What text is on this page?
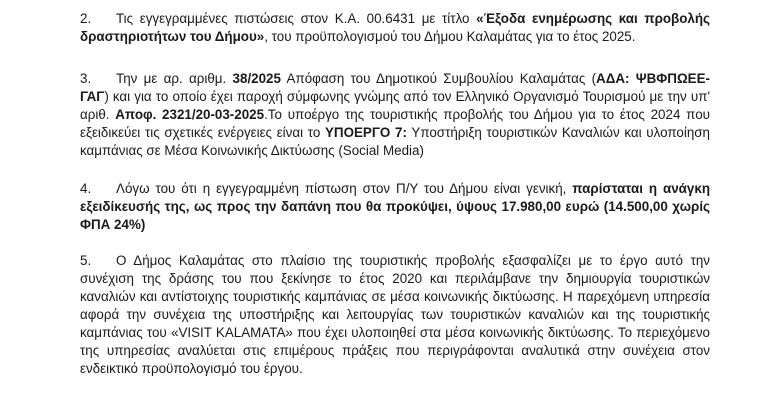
2. Τις εγγεγραμμένες πιστώσεις στον Κ.Α. 00.6431 με τίτλο «Έξοδα ενημέρωσης και προβολής δραστηριοτήτων του Δήμου», του προϋπολογισμού του Δήμου Καλαμάτας για το έτος 2025.
3. Την με αρ. αριθμ. 38/2025 Απόφαση του Δημοτικού Συμβουλίου Καλαμάτας (ΑΔΑ: ΨΒΦΠΩΕΕ-ΓΑΓ) και για το οποίο έχει παροχή σύμφωνης γνώμης από τον Ελληνικό Οργανισμό Τουρισμού με την υπ' αριθ. Αποφ. 2321/20-03-2025.Το υποέργο της τουριστικής προβολής του Δήμου για το έτος 2024 που εξειδικεύει τις σχετικές ενέργειες είναι το ΥΠΟΕΡΓΟ 7: Υποστήριξη τουριστικών Καναλιών και υλοποίηση καμπάνιας σε Μέσα Κοινωνικής Δικτύωσης (Social Media)
4. Λόγω του ότι η εγγεγραμμένη πίστωση στον Π/Υ του Δήμου είναι γενική, παρίσταται η ανάγκη εξειδίκευσής της, ως προς την δαπάνη που θα προκύψει, ύψους 17.980,00 ευρώ (14.500,00 χωρίς ΦΠΑ 24%)
5. Ο Δήμος Καλαμάτας στο πλαίσιο της τουριστικής προβολής εξασφαλίζει με το έργο αυτό την συνέχιση της δράσης του που ξεκίνησε το έτος 2020 και περιλάμβανε την δημιουργία τουριστικών καναλιών και αντίστοιχης τουριστικής καμπάνιας σε μέσα κοινωνικής δικτύωσης. Η παρεχόμενη υπηρεσία αφορά την συνέχεια της υποστήριξης και λειτουργίας των τουριστικών καναλιών και της τουριστικής καμπάνιας του «VISIT KALAMATA» που έχει υλοποιηθεί στα μέσα κοινωνικής δικτύωσης. Το περιεχόμενο της υπηρεσίας αναλύεται στις επιμέρους πράξεις που περιγράφονται αναλυτικά στην συνέχεια στον ενδεικτικό προϋπολογισμό του έργου.
